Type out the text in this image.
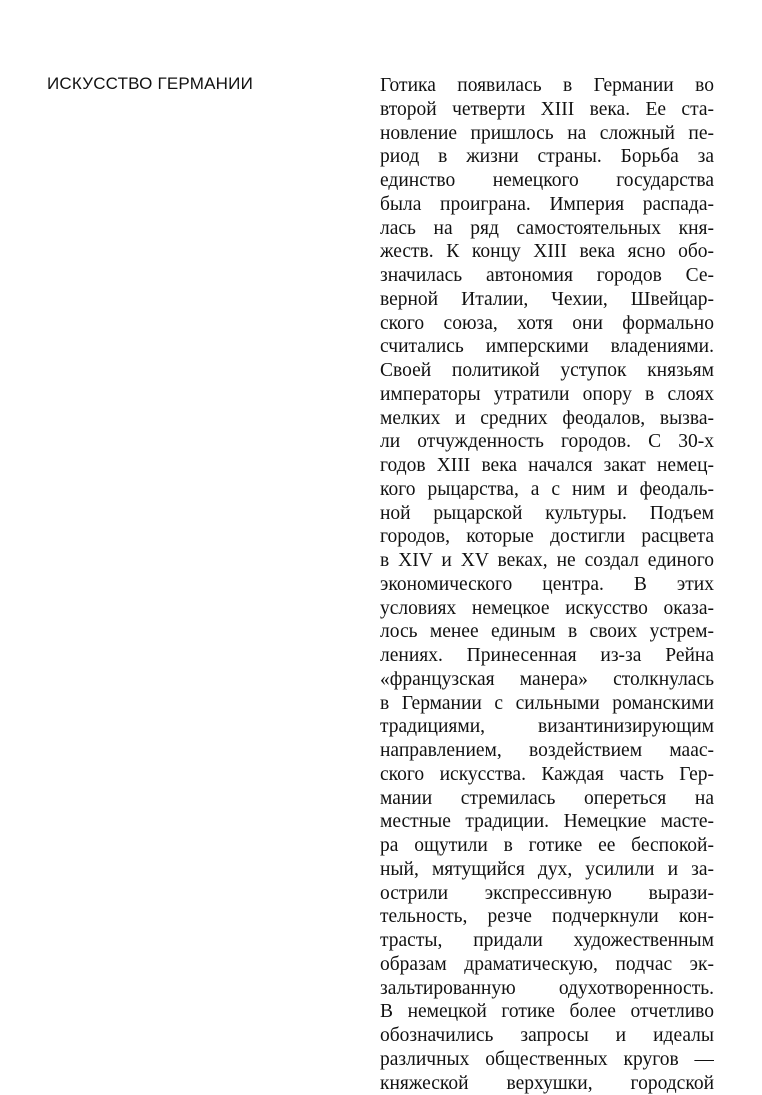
ИСКУССТВО ГЕРМАНИИ	Готика появилась в Германии во
второй четверти XIII века. Ее ста-
новление пришлось на сложный пе-
риод в жизни страны. Борьба за
единство немецкого государства
была проиграна. Империя распада-
лась на ряд самостоятельных кня-
жеств. К концу XIII века ясно обо-
значилась автономия городов Се-
верной Италии, Чехии, Швейцар-
ского союза, хотя они формально
считались имперскими владениями.
Своей политикой уступок князьям
императоры утратили опору в слоях
мелких и средних феодалов, вызва-
ли отчужденность городов. С 30-х
годов XIII века начался закат немец-
кого рыцарства, а с ним и феодаль-
ной рыцарской культуры. Подъем
городов, которые достигли расцвета
в XIV и XV веках, не создал единого
экономического центра. В этих
условиях немецкое искусство оказа-
лось менее единым в своих устрем-
лениях. Принесенная из-за Рейна
«французская манера» столкнулась
в Германии с сильными романскими
традициями, византинизирующим
направлением, воздействием маас-
ского искусства. Каждая часть Гер-
мании стремилась опереться на
местные традиции. Немецкие масте-
ра ощутили в готике ее беспокой-
ный, мятущийся дух, усилили и за-
острили экспрессивную вырази-
тельность, резче подчеркнули кон-
трасты, придали художественным
образам драматическую, подчас эк-
зальтированную одухотворенность.
В немецкой готике более отчетливо
обозначились запросы и идеалы
различных общественных кругов —
княжеской верхушки, городской
